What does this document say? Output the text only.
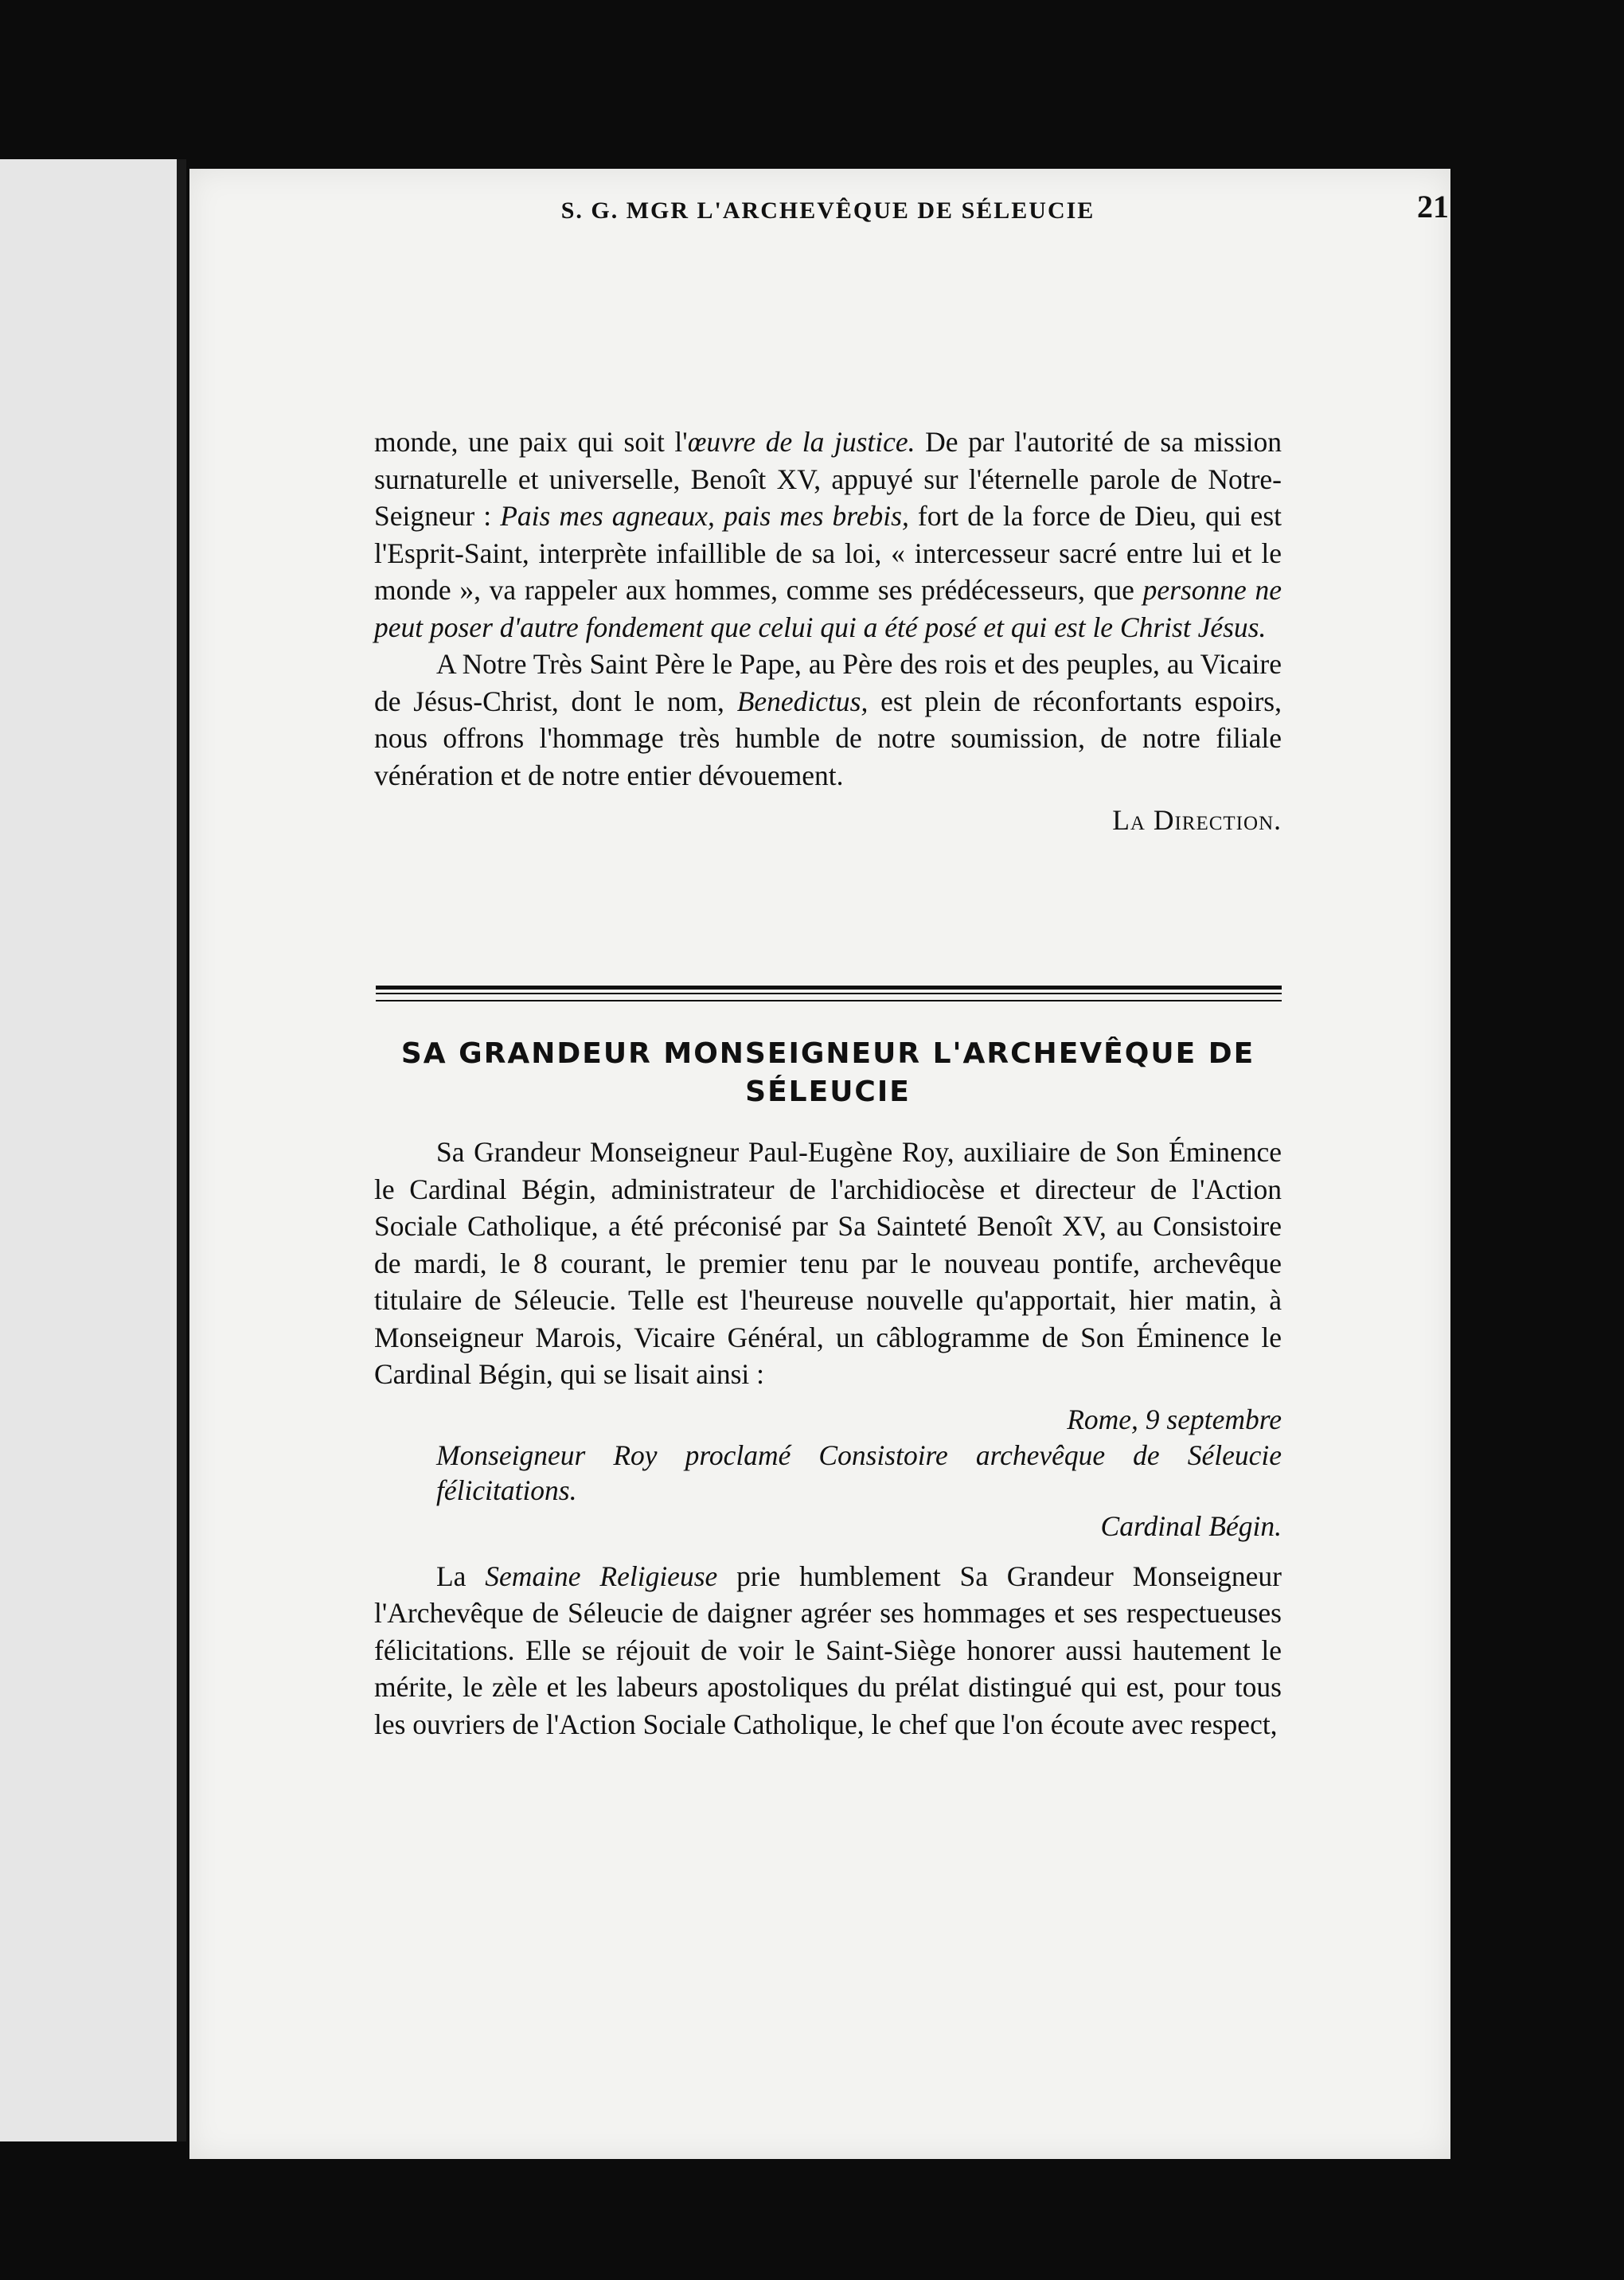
S. G. MGR L'ARCHEVÊQUE DE SÉLEUCIE	21

monde, une paix qui soit l'œuvre de la justice. De par l'autorité de sa mission surnaturelle et universelle, Benoît XV, appuyé sur l'éternelle parole de Notre-Seigneur : Pais mes agneaux, pais mes brebis, fort de la force de Dieu, qui est l'Esprit-Saint, interprète infaillible de sa loi, « intercesseur sacré entre lui et le monde », va rappeler aux hommes, comme ses prédécesseurs, que personne ne peut poser d'autre fondement que celui qui a été posé et qui est le Christ Jésus.

A Notre Très Saint Père le Pape, au Père des rois et des peuples, au Vicaire de Jésus-Christ, dont le nom, Benedictus, est plein de réconfortants espoirs, nous offrons l'hommage très humble de notre soumission, de notre filiale vénération et de notre entier dévouement.

La Direction.

SA GRANDEUR MONSEIGNEUR L'ARCHEVÊQUE DE
SÉLEUCIE

Sa Grandeur Monseigneur Paul-Eugène Roy, auxiliaire de Son Éminence le Cardinal Bégin, administrateur de l'archidiocèse et directeur de l'Action Sociale Catholique, a été préconisé par Sa Sainteté Benoît XV, au Consistoire de mardi, le 8 courant, le premier tenu par le nouveau pontife, archevêque titulaire de Séleucie. Telle est l'heureuse nouvelle qu'apportait, hier matin, à Monseigneur Marois, Vicaire Général, un câblogramme de Son Éminence le Cardinal Bégin, qui se lisait ainsi :

Rome, 9 septembre

Monseigneur Roy proclamé Consistoire archevêque de Séleucie félicitations.

Cardinal Bégin.

La Semaine Religieuse prie humblement Sa Grandeur Monseigneur l'Archevêque de Séleucie de daigner agréer ses hommages et ses respectueuses félicitations. Elle se réjouit de voir le Saint-Siège honorer aussi hautement le mérite, le zèle et les labeurs apostoliques du prélat distingué qui est, pour tous les ouvriers de l'Action Sociale Catholique, le chef que l'on écoute avec respect,
